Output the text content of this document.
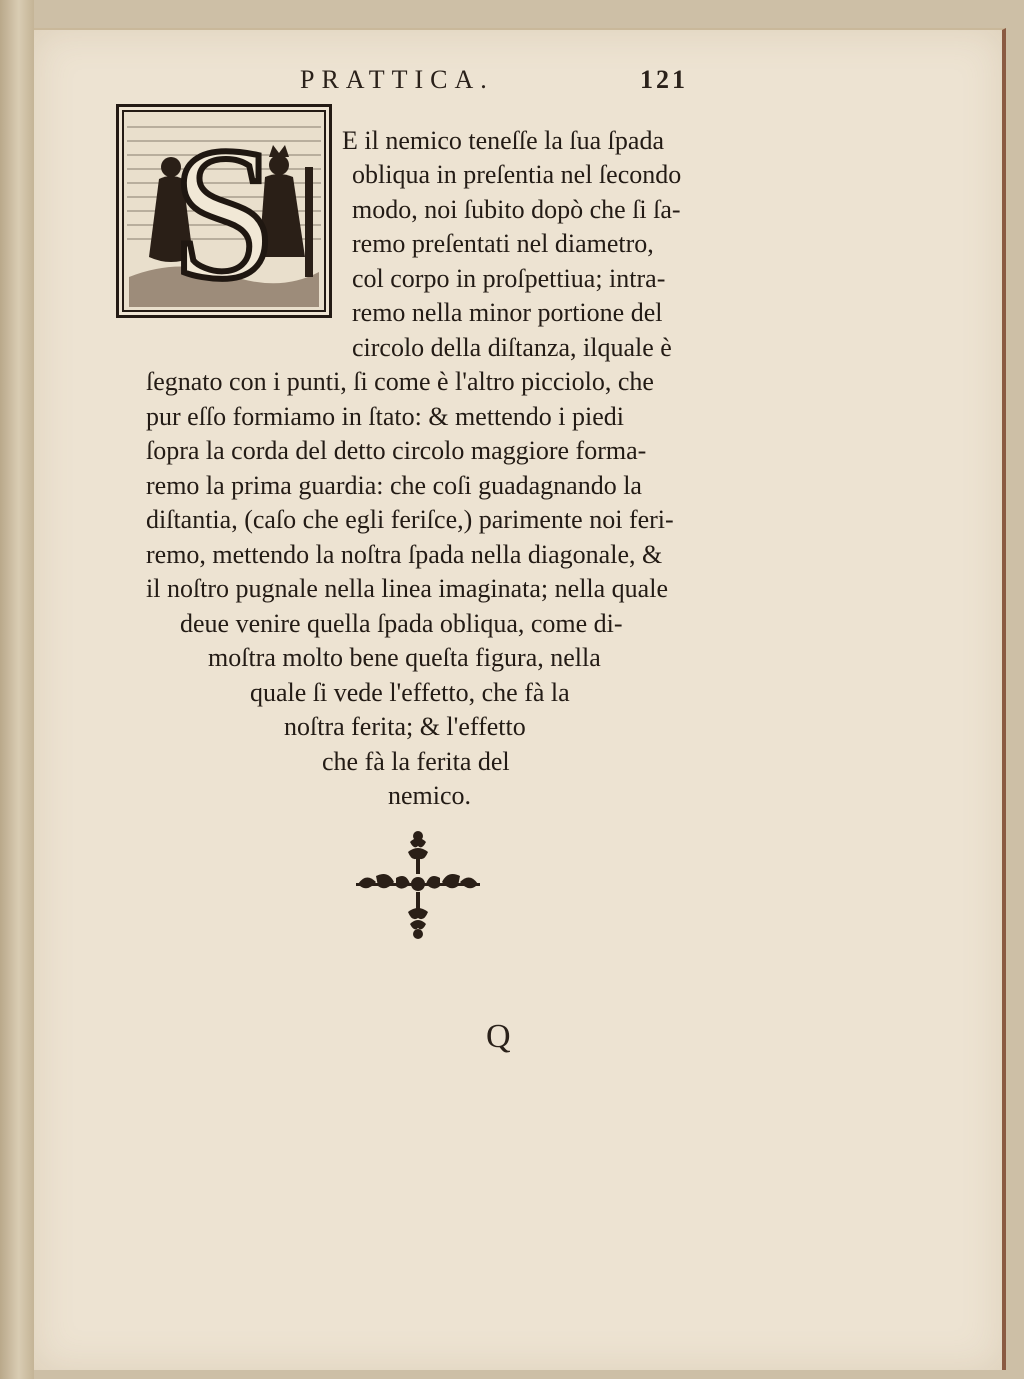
PRATTICA.	121
S	E il nemico teneſſe la ſua ſpada
obliqua in preſentia nel ſecondo
modo, noi ſubito dopò che ſi ſa-
remo preſentati nel diametro,
col corpo in proſpettiua; intra-
remo nella minor portione del
circolo della diſtanza, ilquale è
ſegnato con i punti, ſi come è l'altro picciolo, che
pur eſſo formiamo in ſtato: & mettendo i piedi
ſopra la corda del detto circolo maggiore forma-
remo la prima guardia: che coſi guadagnando la
diſtantia, (caſo che egli feriſce,) parimente noi feri-
remo, mettendo la noſtra ſpada nella diagonale, &
il noſtro pugnale nella linea imaginata; nella quale
deue venire quella ſpada obliqua, come di-
moſtra molto bene queſta figura, nella
quale ſi vede l'effetto, che fà la
noſtra ferita; & l'effetto
che fà la ferita del
nemico.
Q
